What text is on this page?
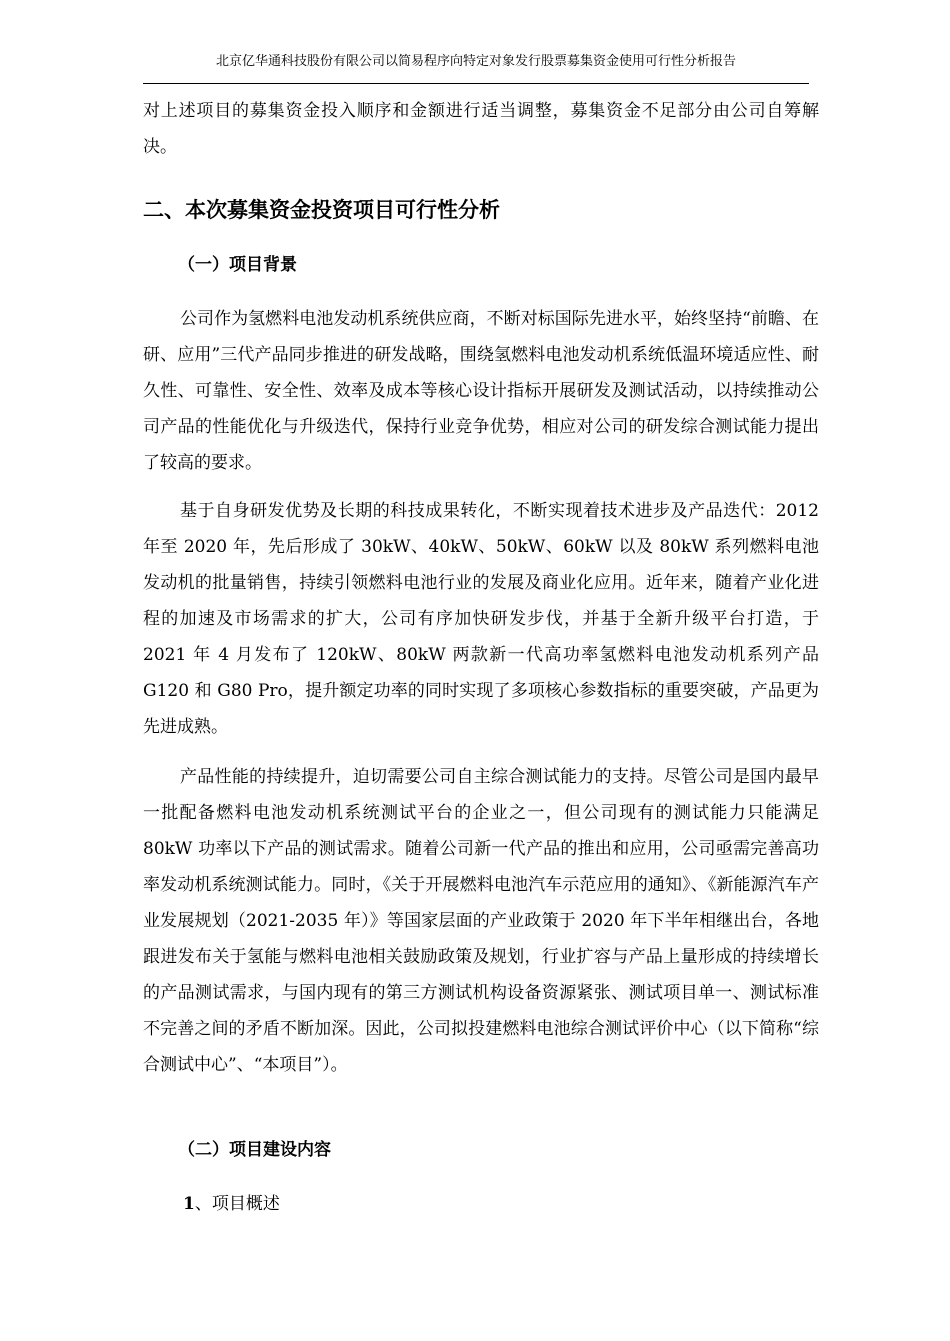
北京亿华通科技股份有限公司以简易程序向特定对象发行股票募集资金使用可行性分析报告

对上述项目的募集资金投入顺序和金额进行适当调整，募集资金不足部分由公司自筹解决。

二、本次募集资金投资项目可行性分析
（一）项目背景

公司作为氢燃料电池发动机系统供应商，不断对标国际先进水平，始终坚持“前瞻、在研、应用”三代产品同步推进的研发战略，围绕氢燃料电池发动机系统低温环境适应性、耐久性、可靠性、安全性、效率及成本等核心设计指标开展研发及测试活动，以持续推动公司产品的性能优化与升级迭代，保持行业竞争优势，相应对公司的研发综合测试能力提出了较高的要求。

基于自身研发优势及长期的科技成果转化，不断实现着技术进步及产品迭代：2012 年至 2020 年，先后形成了 30kW、40kW、50kW、60kW 以及 80kW 系列燃料电池发动机的批量销售，持续引领燃料电池行业的发展及商业化应用。近年来，随着产业化进程的加速及市场需求的扩大，公司有序加快研发步伐，并基于全新升级平台打造，于 2021 年 4 月发布了 120kW、80kW 两款新一代高功率氢燃料电池发动机系列产品 G120 和 G80 Pro，提升额定功率的同时实现了多项核心参数指标的重要突破，产品更为先进成熟。

产品性能的持续提升，迫切需要公司自主综合测试能力的支持。尽管公司是国内最早一批配备燃料电池发动机系统测试平台的企业之一，但公司现有的测试能力只能满足 80kW 功率以下产品的测试需求。随着公司新一代产品的推出和应用，公司亟需完善高功率发动机系统测试能力。同时，《关于开展燃料电池汽车示范应用的通知》、《新能源汽车产业发展规划（2021-2035 年）》等国家层面的产业政策于 2020 年下半年相继出台，各地跟进发布关于氢能与燃料电池相关鼓励政策及规划，行业扩容与产品上量形成的持续增长的产品测试需求，与国内现有的第三方测试机构设备资源紧张、测试项目单一、测试标准不完善之间的矛盾不断加深。因此，公司拟投建燃料电池综合测试评价中心（以下简称“综合测试中心”、“本项目”）。

（二）项目建设内容

1、项目概述
